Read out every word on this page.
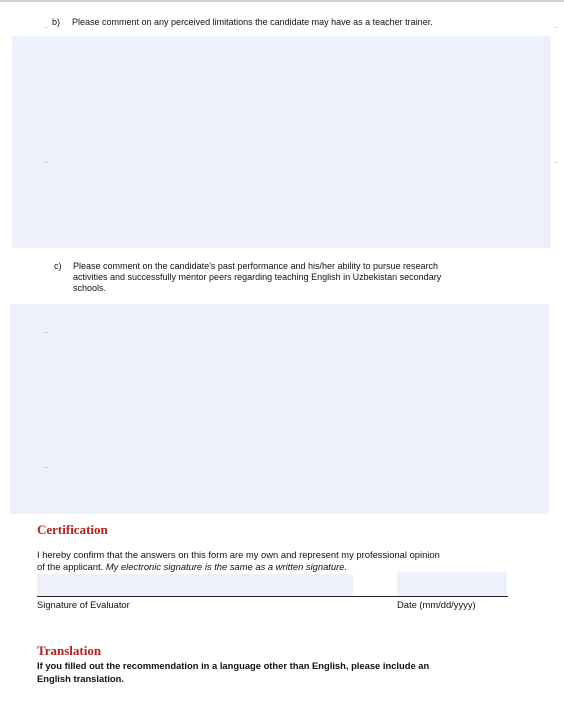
b) Please comment on any perceived limitations the candidate may have as a teacher trainer.
.	.
.	.
c) Please comment on the candidate’s past performance and his/her ability to pursue research
activities and successfully mentor peers regarding teaching English in Uzbekistan secondary
schools.
.
.
Certification
I hereby confirm that the answers on this form are my own and represent my professional opinion
of the applicant. My electronic signature is the same as a written signature.
Signature of Evaluator	Date (mm/dd/yyyy)
Translation
If you filled out the recommendation in a language other than English, please include an
English translation.
